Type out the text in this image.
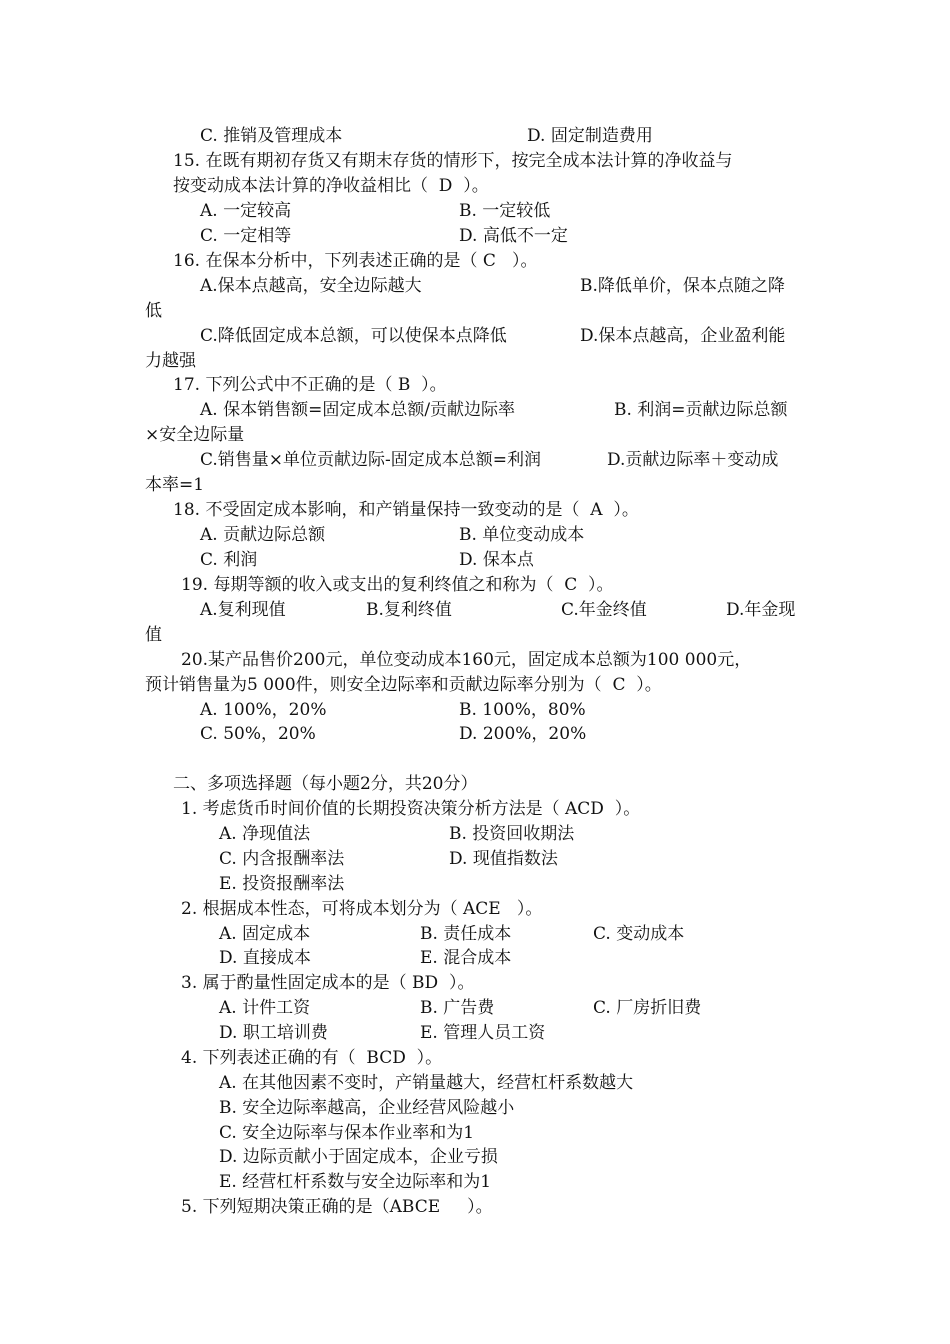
C. 推销及管理成本	D. 固定制造费用
15. 在既有期初存货又有期末存货的情形下，按完全成本法计算的净收益与
按变动成本法计算的净收益相比（  D  ）。
A. 一定较高	B. 一定较低
C. 一定相等	D. 高低不一定
16. 在保本分析中，下列表述正确的是（ C   ）。
A.保本点越高，安全边际越大	B.降低单价，保本点随之降
低
C.降低固定成本总额，可以使保本点降低	D.保本点越高，企业盈利能
力越强
17. 下列公式中不正确的是（ B  ）。
A. 保本销售额=固定成本总额/贡献边际率	B. 利润=贡献边际总额
×安全边际量
C.销售量×单位贡献边际-固定成本总额=利润	D.贡献边际率＋变动成
本率=1
18. 不受固定成本影响，和产销量保持一致变动的是（  A  ）。
A. 贡献边际总额	B. 单位变动成本
C. 利润	D. 保本点
19. 每期等额的收入或支出的复利终值之和称为（  C  ）。
A.复利现值	B.复利终值	C.年金终值	D.年金现
值
20.某产品售价200元，单位变动成本160元，固定成本总额为100 000元，
预计销售量为5 000件，则安全边际率和贡献边际率分别为（  C  ）。
A. 100%，20%	B. 100%，80%
C. 50%，20%	D. 200%，20%
二、多项选择题（每小题2分，共20分）
1. 考虑货币时间价值的长期投资决策分析方法是（ ACD  ）。
A. 净现值法	B. 投资回收期法
C. 内含报酬率法	D. 现值指数法
E. 投资报酬率法
2. 根据成本性态，可将成本划分为（ ACE   ）。
A. 固定成本	B. 责任成本	C. 变动成本
D. 直接成本	E. 混合成本
3. 属于酌量性固定成本的是（ BD  ）。
A. 计件工资	B. 广告费	C. 厂房折旧费
D. 职工培训费	E. 管理人员工资
4. 下列表述正确的有（  BCD  ）。
A. 在其他因素不变时，产销量越大，经营杠杆系数越大
B. 安全边际率越高，企业经营风险越小
C. 安全边际率与保本作业率和为1
D. 边际贡献小于固定成本，企业亏损
E. 经营杠杆系数与安全边际率和为1
5. 下列短期决策正确的是（ABCE     ）。
